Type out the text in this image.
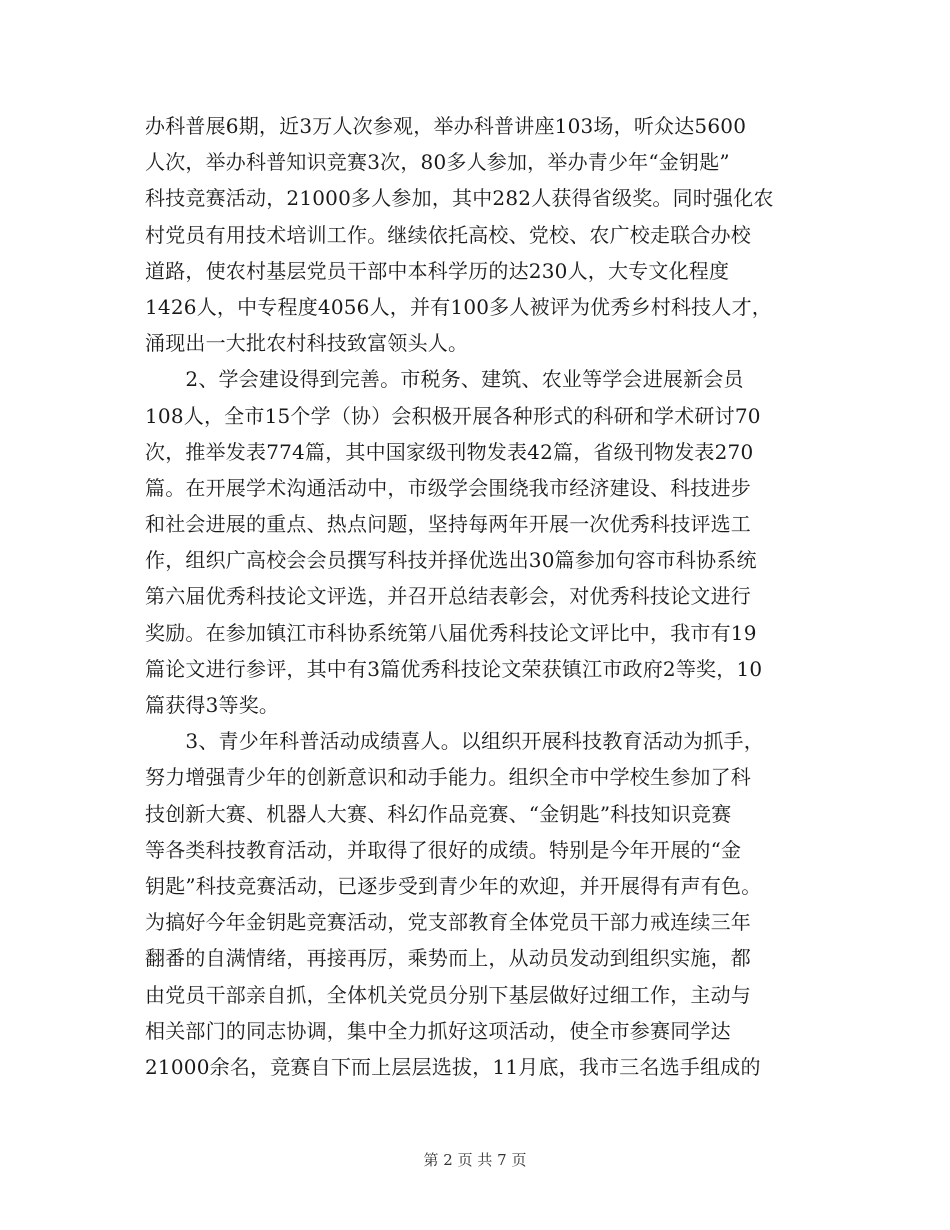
办科普展6期，近3万人次参观，举办科普讲座103场，听众达5600
人次，举办科普知识竞赛3次，80多人参加，举办青少年“金钥匙”
科技竞赛活动，21000多人参加，其中282人获得省级奖。同时强化农
村党员有用技术培训工作。继续依托高校、党校、农广校走联合办校
道路，使农村基层党员干部中本科学历的达230人，大专文化程度
1426人，中专程度4056人，并有100多人被评为优秀乡村科技人才，
涌现出一大批农村科技致富领头人。
　　2、学会建设得到完善。市税务、建筑、农业等学会进展新会员
108人，全市15个学（协）会积极开展各种形式的科研和学术研讨70
次，推举发表774篇，其中国家级刊物发表42篇，省级刊物发表270
篇。在开展学术沟通活动中，市级学会围绕我市经济建设、科技进步
和社会进展的重点、热点问题，坚持每两年开展一次优秀科技评选工
作，组织广高校会会员撰写科技并择优选出30篇参加句容市科协系统
第六届优秀科技论文评选，并召开总结表彰会，对优秀科技论文进行
奖励。在参加镇江市科协系统第八届优秀科技论文评比中，我市有19
篇论文进行参评，其中有3篇优秀科技论文荣获镇江市政府2等奖，10
篇获得3等奖。
　　3、青少年科普活动成绩喜人。以组织开展科技教育活动为抓手，
努力增强青少年的创新意识和动手能力。组织全市中学校生参加了科
技创新大赛、机器人大赛、科幻作品竞赛、“金钥匙”科技知识竞赛
等各类科技教育活动，并取得了很好的成绩。特别是今年开展的“金
钥匙”科技竞赛活动，已逐步受到青少年的欢迎，并开展得有声有色。
为搞好今年金钥匙竞赛活动，党支部教育全体党员干部力戒连续三年
翻番的自满情绪，再接再厉，乘势而上，从动员发动到组织实施，都
由党员干部亲自抓，全体机关党员分别下基层做好过细工作，主动与
相关部门的同志协调，集中全力抓好这项活动，使全市参赛同学达
21000余名，竞赛自下而上层层选拔，11月底，我市三名选手组成的
第 2 页 共 7 页
